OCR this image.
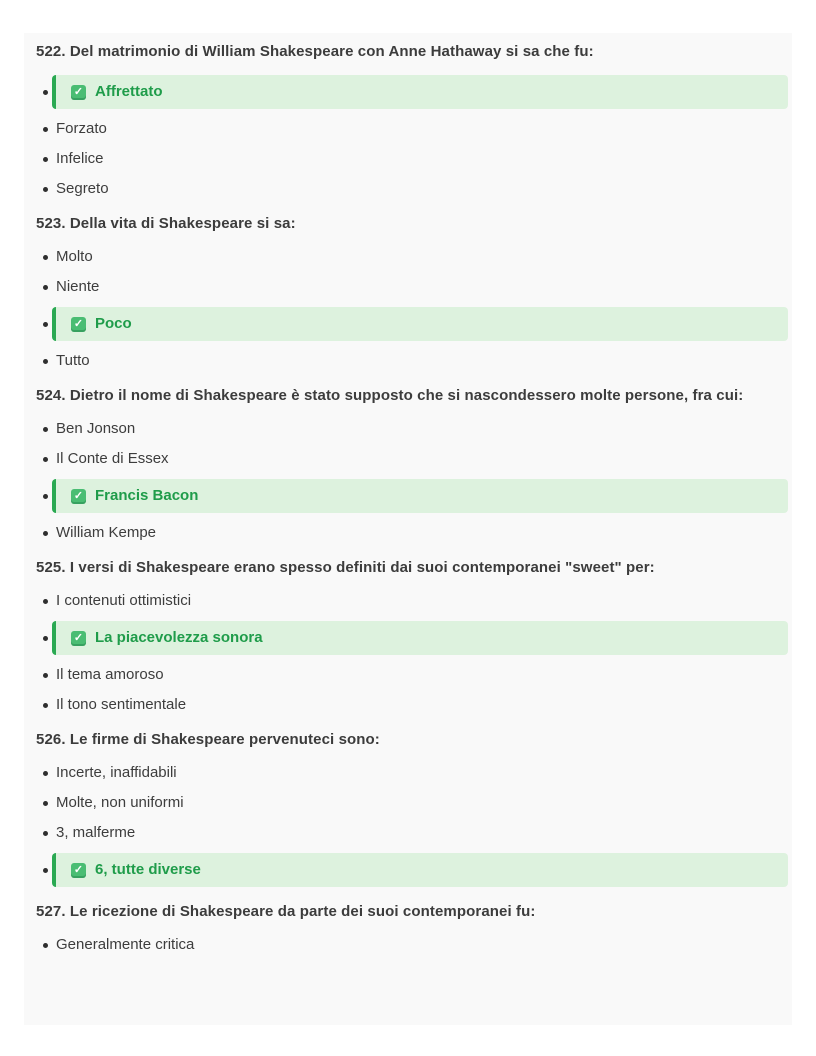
522. Del matrimonio di William Shakespeare con Anne Hathaway si sa che fu:
✓ Affrettato
Forzato
Infelice
Segreto
523. Della vita di Shakespeare si sa:
Molto
Niente
✓ Poco
Tutto
524. Dietro il nome di Shakespeare è stato supposto che si nascondessero molte persone, fra cui:
Ben Jonson
Il Conte di Essex
✓ Francis Bacon
William Kempe
525. I versi di Shakespeare erano spesso definiti dai suoi contemporanei "sweet" per:
I contenuti ottimistici
✓ La piacevolezza sonora
Il tema amoroso
Il tono sentimentale
526. Le firme di Shakespeare pervenuteci sono:
Incerte, inaffidabili
Molte, non uniformi
3, malferme
✓ 6, tutte diverse
527. Le ricezione di Shakespeare da parte dei suoi contemporanei fu:
Generalmente critica
